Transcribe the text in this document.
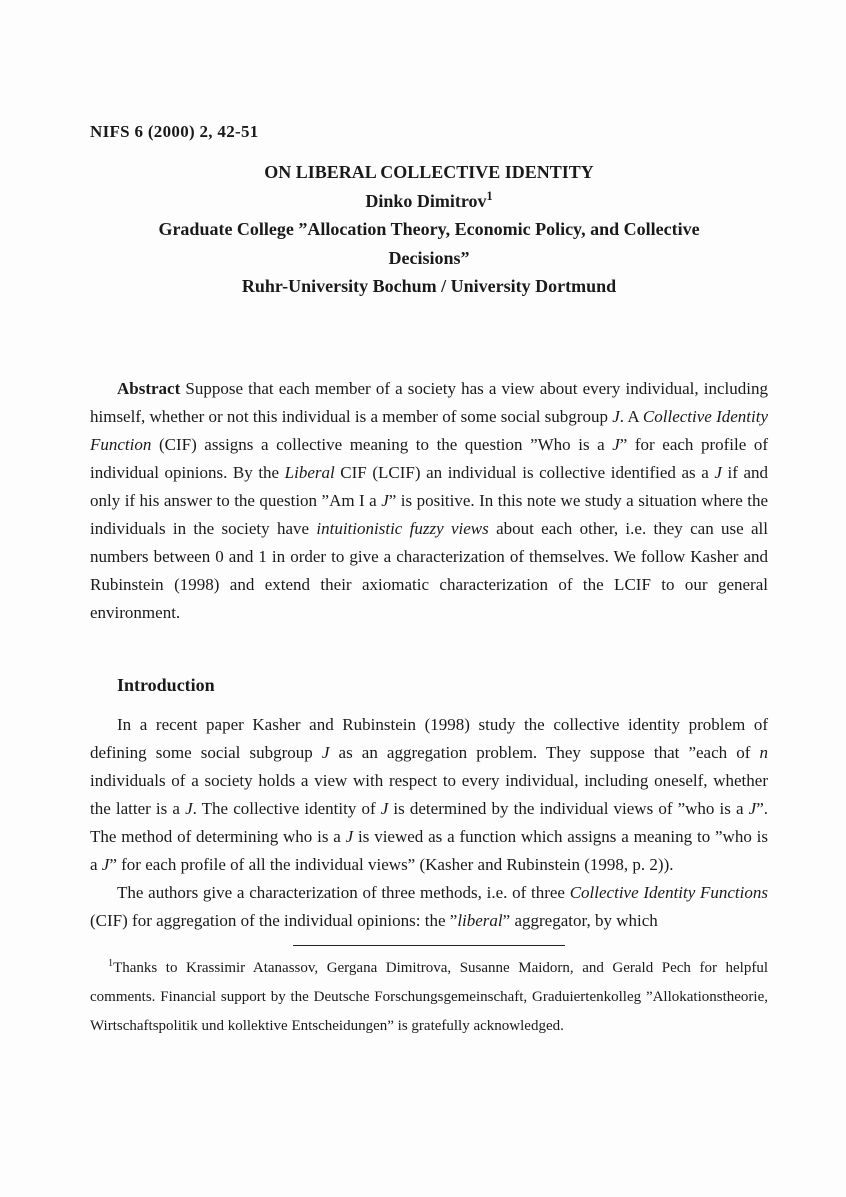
NIFS 6 (2000) 2, 42-51
ON LIBERAL COLLECTIVE IDENTITY
Dinko Dimitrov$^1$
Graduate College ”Allocation Theory, Economic Policy, and Collective
Decisions”
Ruhr-University Bochum / University Dortmund

Abstract Suppose that each member of a society has a view about every individual, including himself, whether or not this individual is a member of some social subgroup J. A Collective Identity Function (CIF) assigns a collective meaning to the question ”Who is a J” for each profile of individual opinions. By the Liberal CIF (LCIF) an individual is collective identified as a J if and only if his answer to the question ”Am I a J” is positive. In this note we study a situation where the individuals in the society have intuitionistic fuzzy views about each other, i.e. they can use all numbers between 0 and 1 in order to give a characterization of themselves. We follow Kasher and Rubinstein (1998) and extend their axiomatic characterization of the LCIF to our general environment.

Introduction

In a recent paper Kasher and Rubinstein (1998) study the collective identity problem of defining some social subgroup J as an aggregation problem. They suppose that ”each of n individuals of a society holds a view with respect to every individual, including oneself, whether the latter is a J. The collective identity of J is determined by the individual views of ”who is a J”. The method of determining who is a J is viewed as a function which assigns a meaning to ”who is a J” for each profile of all the individual views” (Kasher and Rubinstein (1998, p. 2)).

The authors give a characterization of three methods, i.e. of three Collective Identity Functions (CIF) for aggregation of the individual opinions: the ”liberal” aggregator, by which

$^1$Thanks to Krassimir Atanassov, Gergana Dimitrova, Susanne Maidorn, and Gerald Pech for helpful comments. Financial support by the Deutsche Forschungsgemeinschaft, Graduiertenkolleg ”Allokationstheorie, Wirtschaftspolitik und kollektive Entscheidungen” is gratefully acknowledged.
